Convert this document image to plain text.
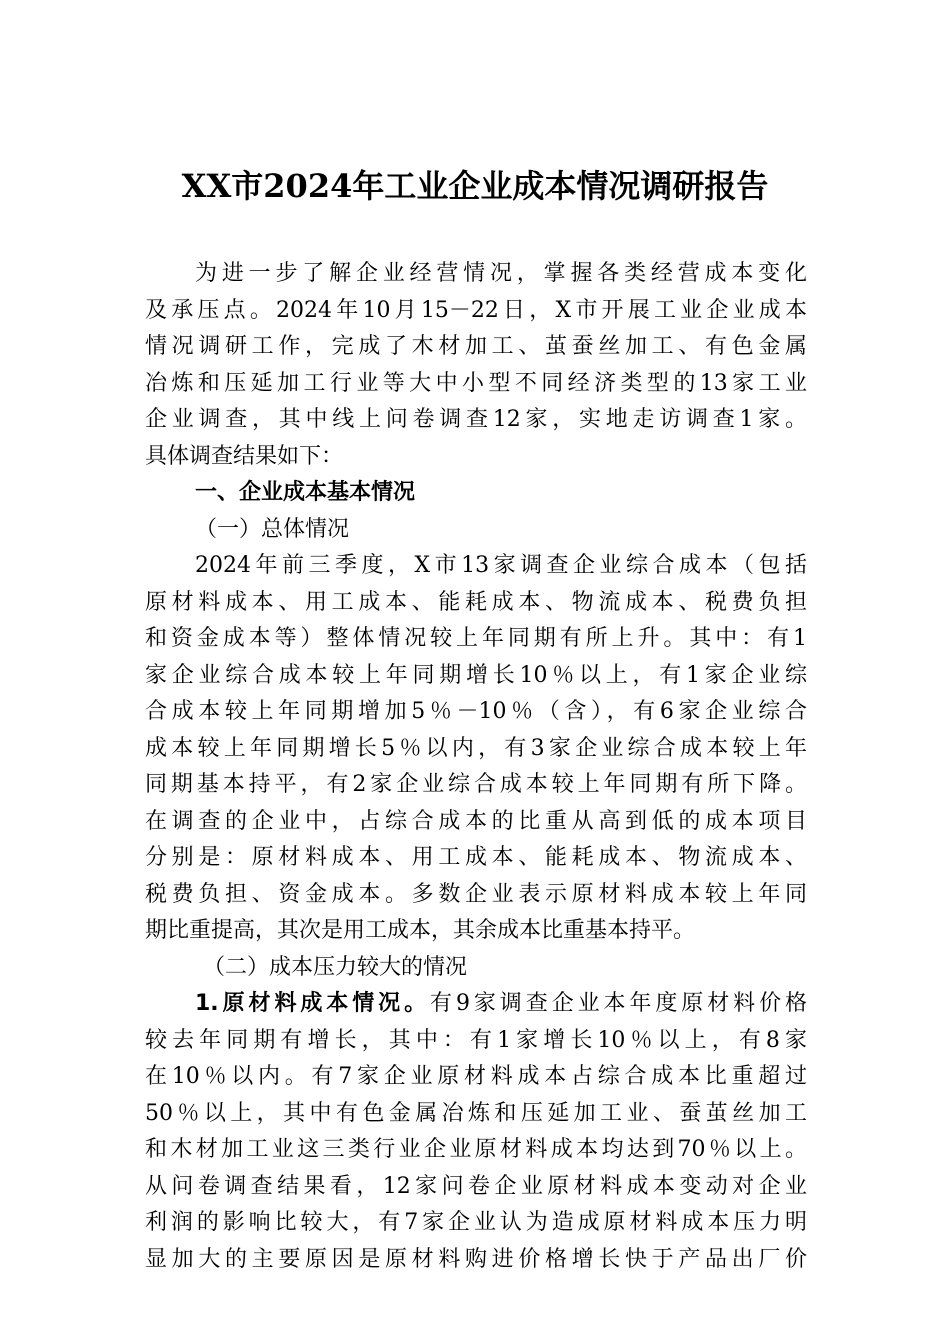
XX市2024年工业企业成本情况调研报告
为进一步了解企业经营情况，掌握各类经营成本变化
及承压点。2024年10月15－22日，X市开展工业企业成本
情况调研工作，完成了木材加工、茧蚕丝加工、有色金属
冶炼和压延加工行业等大中小型不同经济类型的13家工业
企业调查，其中线上问卷调查12家，实地走访调查1家。
具体调查结果如下：
一、企业成本基本情况
（一）总体情况
2024年前三季度，X市13家调查企业综合成本（包括
原材料成本、用工成本、能耗成本、物流成本、税费负担
和资金成本等）整体情况较上年同期有所上升。其中：有1
家企业综合成本较上年同期增长10％以上，有1家企业综
合成本较上年同期增加5％－10％（含），有6家企业综合
成本较上年同期增长5％以内，有3家企业综合成本较上年
同期基本持平，有2家企业综合成本较上年同期有所下降。
在调查的企业中，占综合成本的比重从高到低的成本项目
分别是：原材料成本、用工成本、能耗成本、物流成本、
税费负担、资金成本。多数企业表示原材料成本较上年同
期比重提高，其次是用工成本，其余成本比重基本持平。
（二）成本压力较大的情况
1.原材料成本情况。有9家调查企业本年度原材料价格
较去年同期有增长，其中：有1家增长10％以上，有8家
在10％以内。有7家企业原材料成本占综合成本比重超过
50％以上，其中有色金属冶炼和压延加工业、蚕茧丝加工
和木材加工业这三类行业企业原材料成本均达到70％以上。
从问卷调查结果看，12家问卷企业原材料成本变动对企业
利润的影响比较大，有7家企业认为造成原材料成本压力明
显加大的主要原因是原材料购进价格增长快于产品出厂价
